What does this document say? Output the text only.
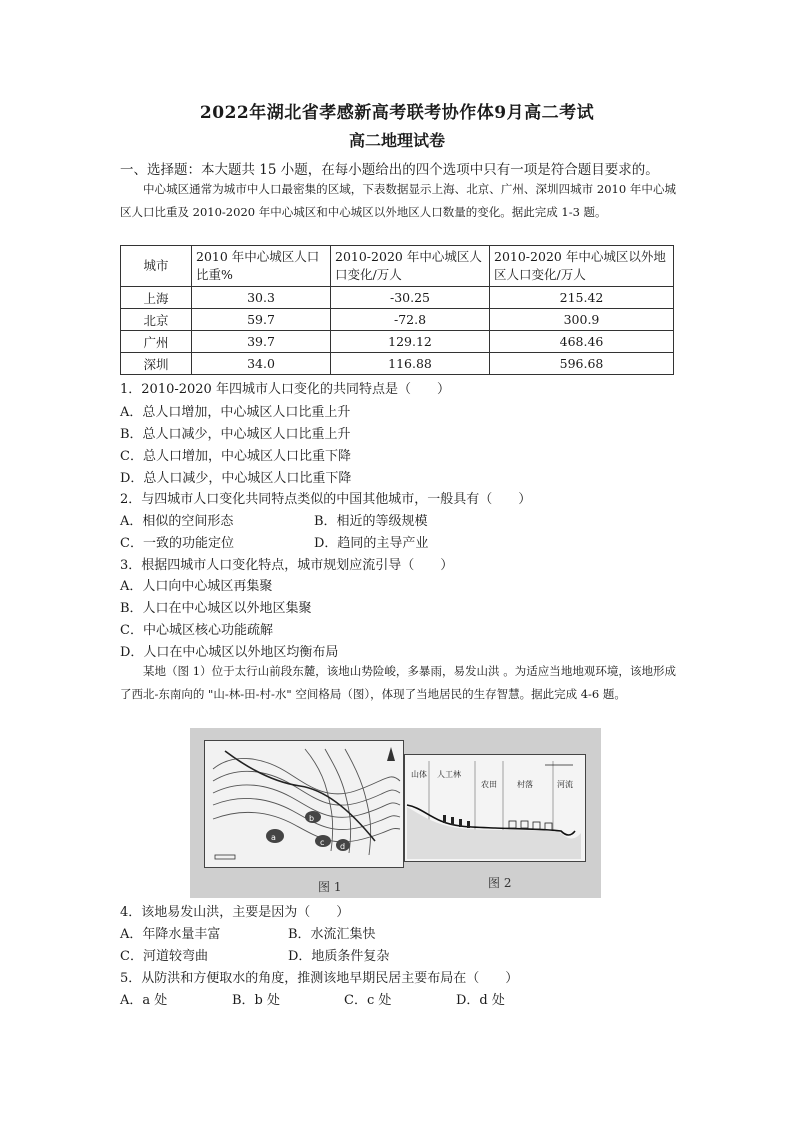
2022年湖北省孝感新高考联考协作体9月高二考试
高二地理试卷
一、选择题：本大题共 15 小题，在每小题给出的四个选项中只有一项是符合题目要求的。
中心城区通常为城市中人口最密集的区域，下表数据显示上海、北京、广州、深圳四城市 2010 年中心城区人口比重及 2010-2020 年中心城区和中心城区以外地区人口数量的变化。据此完成 1-3 题。
城市	2010 年中心城区人口比重%	2010-2020 年中心城区人口变化/万人	2010-2020 年中心城区以外地区人口变化/万人
上海	30.3	-30.25	215.42
北京	59.7	-72.8	300.9
广州	39.7	129.12	468.46
深圳	34.0	116.88	596.68
1．2010-2020 年四城市人口变化的共同特点是（　　）
A．总人口增加，中心城区人口比重上升
B．总人口减少，中心城区人口比重上升
C．总人口增加，中心城区人口比重下降
D．总人口减少，中心城区人口比重下降
2．与四城市人口变化共同特点类似的中国其他城市，一般具有（　　）
A．相似的空间形态	B．相近的等级规模
C．一致的功能定位	D．趋同的主导产业
3．根据四城市人口变化特点，城市规划应流引导（　　）
A．人口向中心城区再集聚
B．人口在中心城区以外地区集聚
C．中心城区核心功能疏解
D．人口在中心城区以外地区均衡布局
某地（图 1）位于太行山前段东麓，该地山势险峻，多暴雨，易发山洪 。为适应当地地观环境，该地形成了西北-东南向的 "山-林-田-村-水" 空间格局（图），体现了当地居民的生存智慧。据此完成 4-6 题。
a
b
c d
山体 人工林
农田	村落	河流
图 1	图 2
4．该地易发山洪，主要是因为（　　）
A．年降水量丰富	B．水流汇集快
C．河道较弯曲	D．地质条件复杂
5．从防洪和方便取水的角度，推测该地早期民居主要布局在（　　）
A．a 处	B．b 处	C．c 处	D．d 处
